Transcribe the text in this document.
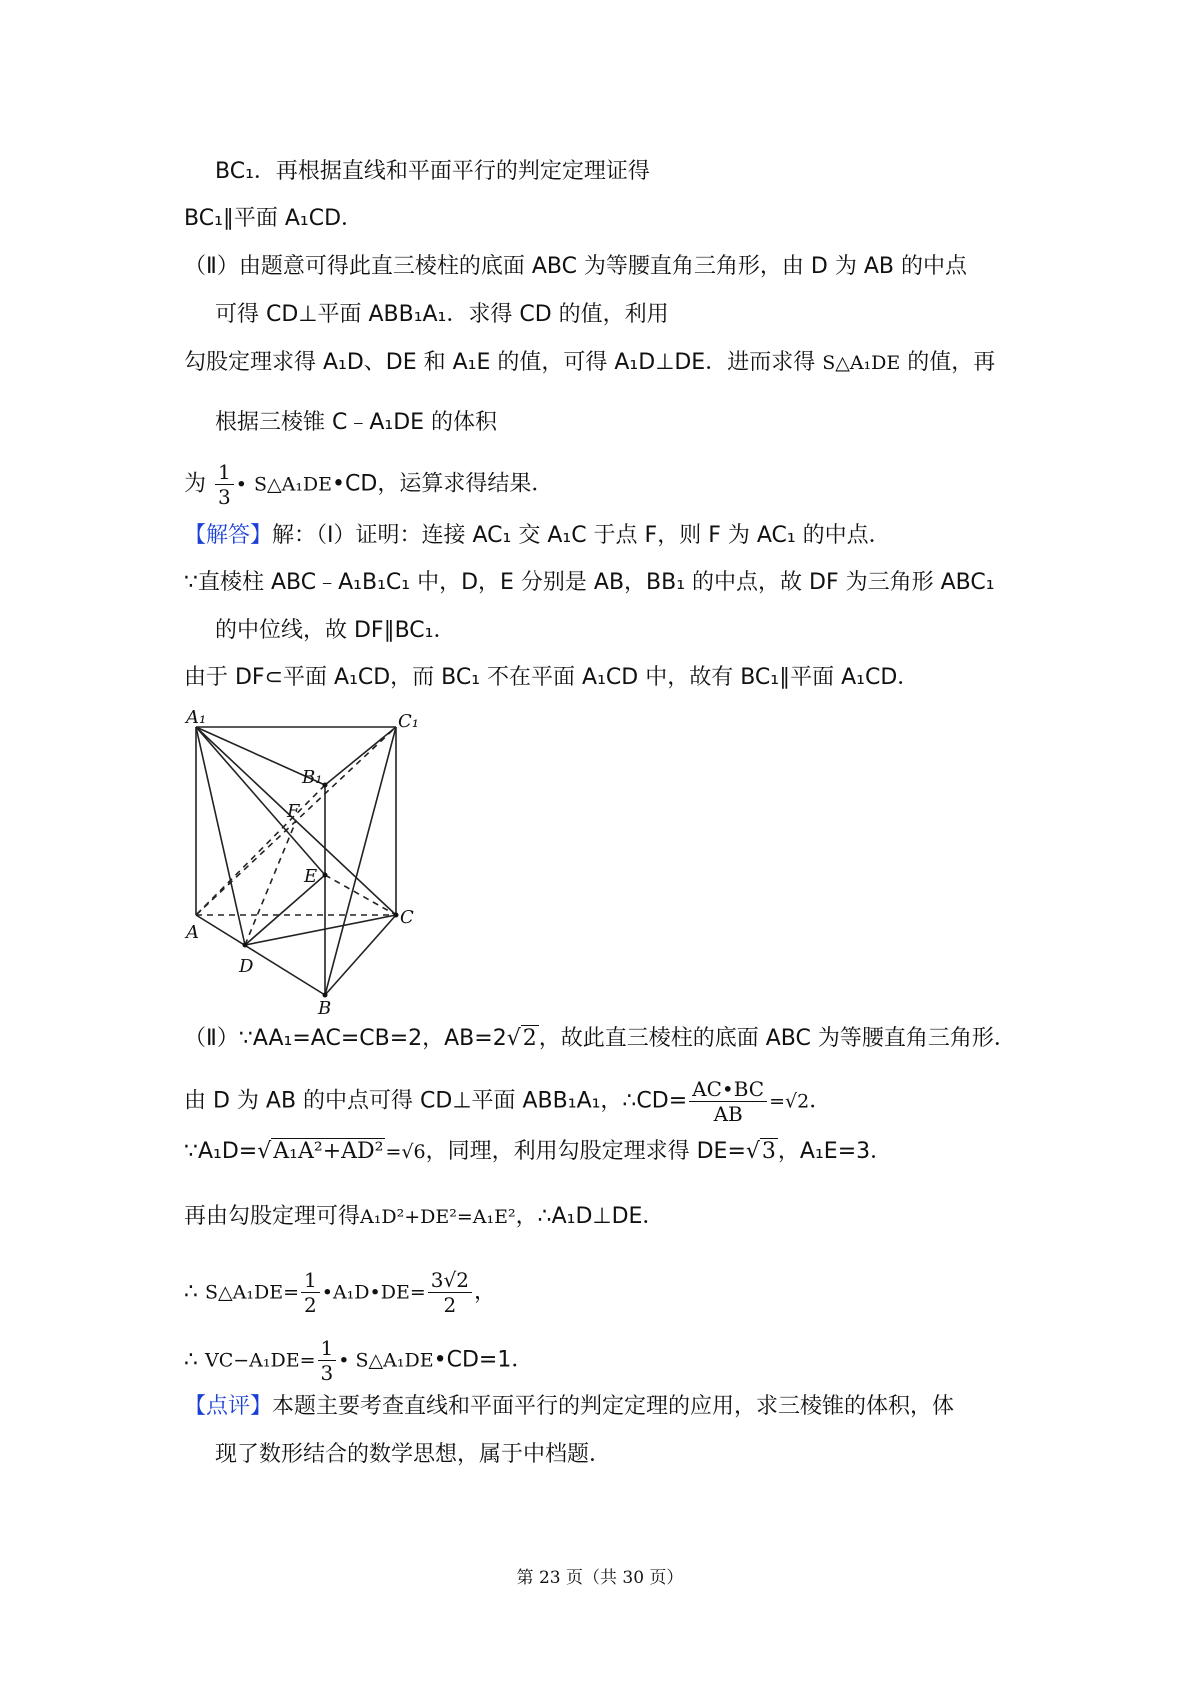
BC₁．再根据直线和平面平行的判定定理证得
BC₁∥平面 A₁CD．
（Ⅱ）由题意可得此直三棱柱的底面 ABC 为等腰直角三角形，由 D 为 AB 的中点
可得 CD⊥平面 ABB₁A₁．求得 CD 的值，利用
勾股定理求得 A₁D、DE 和 A₁E 的值，可得 A₁D⊥DE．进而求得 S△A₁DE 的值，再
根据三棱锥 C﹣A₁DE 的体积
为 $\frac{1}{3}$ • S△A₁DE•CD，运算求得结果．
【解答】解：（Ⅰ）证明：连接 AC₁ 交 A₁C 于点 F，则 F 为 AC₁ 的中点．
∵直棱柱 ABC﹣A₁B₁C₁ 中，D，E 分别是 AB，BB₁ 的中点，故 DF 为三角形 ABC₁
的中位线，故 DF∥BC₁．
由于 DF⊂平面 A₁CD，而 BC₁ 不在平面 A₁CD 中，故有 BC₁∥平面 A₁CD．
A₁	C₁
B₁
F
E
A
C
D
B
（Ⅱ）∵AA₁=AC=CB=2，AB=2√2，故此直三棱柱的底面 ABC 为等腰直角三角形．
由 D 为 AB 的中点可得 CD⊥平面 ABB₁A₁，∴CD= $\frac{AC•BC}{AB} =√2$．
∵A₁D=√A₁A²+AD² =√6，同理，利用勾股定理求得 DE=√3，A₁E=3．
再由勾股定理可得A₁D²+DE²=A₁E²，∴A₁D⊥DE．
∴ S△A₁DE= $\frac{1}{2}$ •A₁D•DE= $\frac{3√2}{2}$ ，
∴ $VC-A_1DE= \frac{1}{3}$ • S△A₁DE•CD=1．
【点评】本题主要考查直线和平面平行的判定定理的应用，求三棱锥的体积，体
现了数形结合的数学思想，属于中档题．
第 23 页（共 30 页）
